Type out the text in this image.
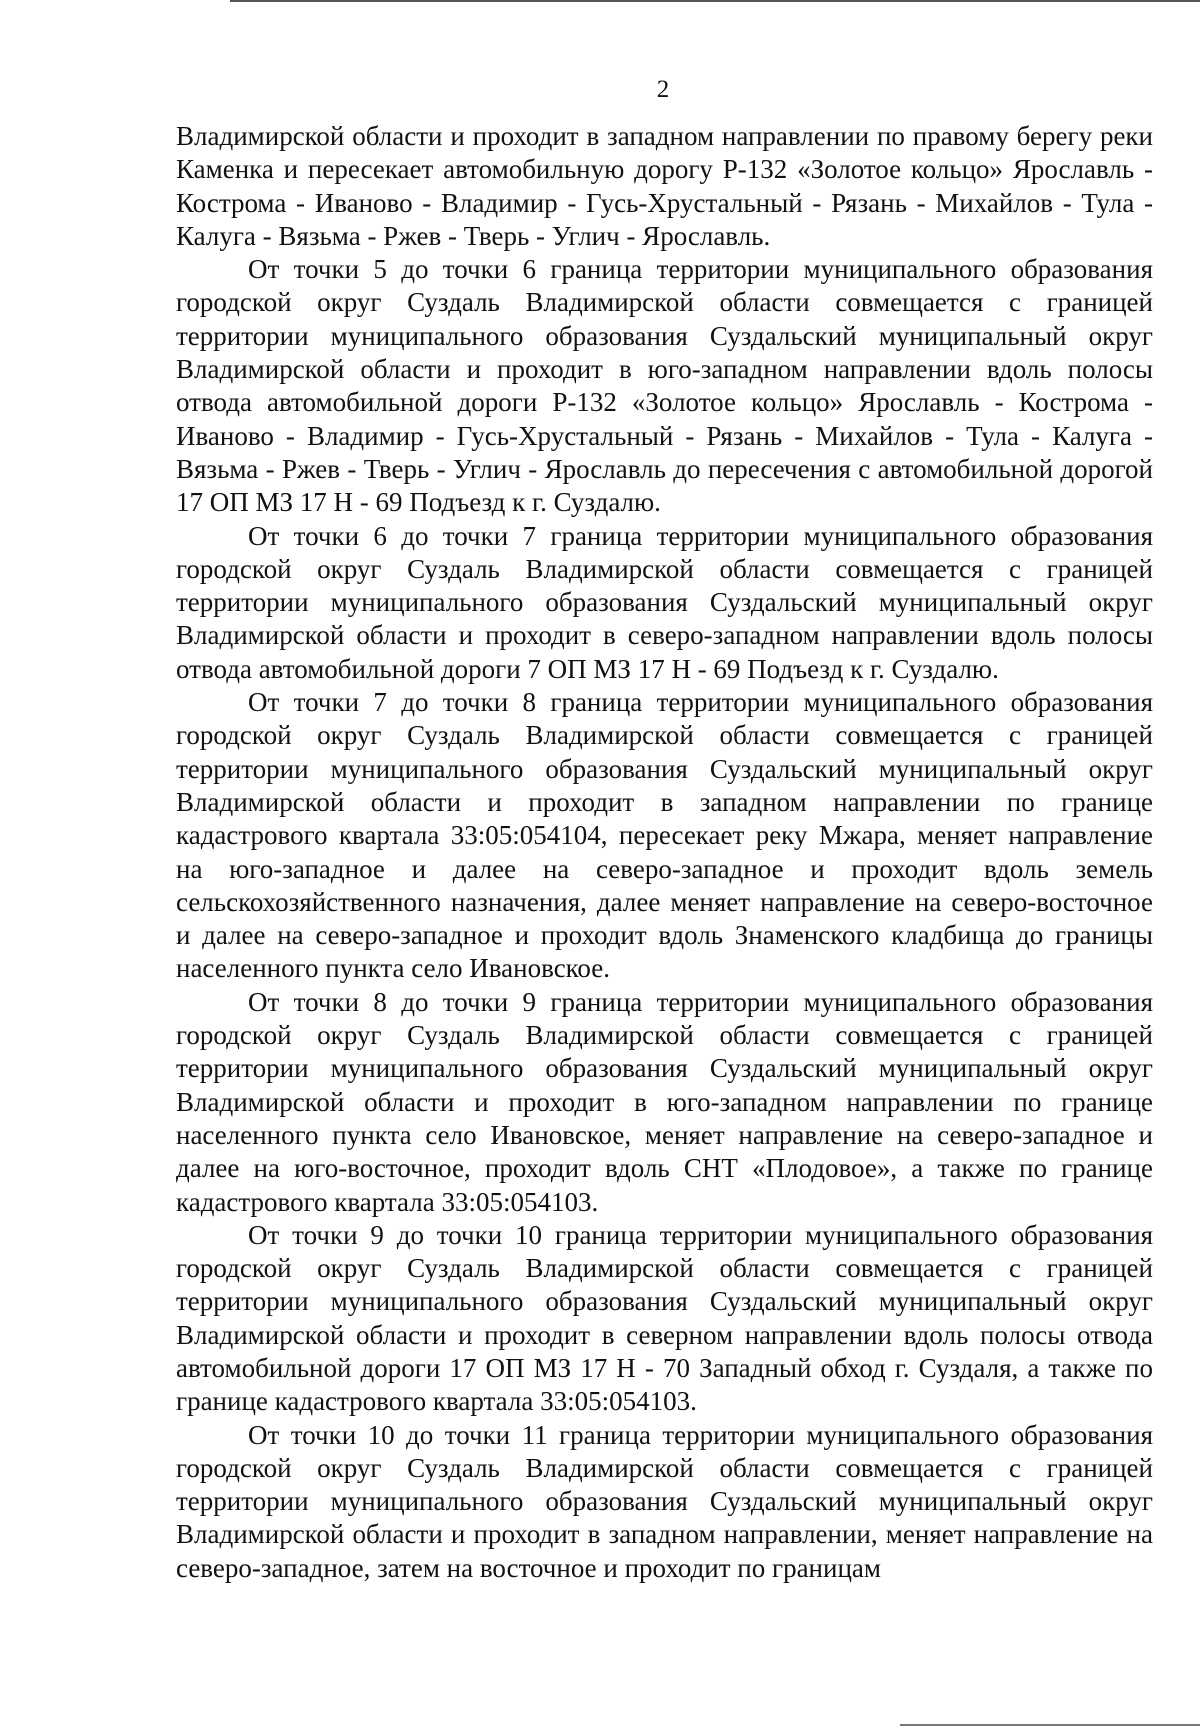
2

Владимирской области и проходит в западном направлении по правому берегу реки Каменка и пересекает автомобильную дорогу Р-132 «Золотое кольцо» Ярославль - Кострома - Иваново - Владимир - Гусь-Хрустальный - Рязань - Михайлов - Тула - Калуга - Вязьма - Ржев - Тверь - Углич - Ярославль.

От точки 5 до точки 6 граница территории муниципального образования городской округ Суздаль Владимирской области совмещается с границей территории муниципального образования Суздальский муниципальный округ Владимирской области и проходит в юго-западном направлении вдоль полосы отвода автомобильной дороги Р-132 «Золотое кольцо» Ярославль - Кострома - Иваново - Владимир - Гусь-Хрустальный - Рязань - Михайлов - Тула - Калуга - Вязьма - Ржев - Тверь - Углич - Ярославль до пересечения с автомобильной дорогой 17 ОП МЗ 17 Н - 69 Подъезд к г. Суздалю.

От точки 6 до точки 7 граница территории муниципального образования городской округ Суздаль Владимирской области совмещается с границей территории муниципального образования Суздальский муниципальный округ Владимирской области и проходит в северо-западном направлении вдоль полосы отвода автомобильной дороги 7 ОП МЗ 17 Н - 69 Подъезд к г. Суздалю.

От точки 7 до точки 8 граница территории муниципального образования городской округ Суздаль Владимирской области совмещается с границей территории муниципального образования Суздальский муниципальный округ Владимирской области и проходит в западном направлении по границе кадастрового квартала 33:05:054104, пересекает реку Мжара, меняет направление на юго-западное и далее на северо-западное и проходит вдоль земель сельскохозяйственного назначения, далее меняет направление на северо-восточное и далее на северо-западное и проходит вдоль Знаменского кладбища до границы населенного пункта село Ивановское.

От точки 8 до точки 9 граница территории муниципального образования городской округ Суздаль Владимирской области совмещается с границей территории муниципального образования Суздальский муниципальный округ Владимирской области и проходит в юго-западном направлении по границе населенного пункта село Ивановское, меняет направление на северо-западное и далее на юго-восточное, проходит вдоль СНТ «Плодовое», а также по границе кадастрового квартала 33:05:054103.

От точки 9 до точки 10 граница территории муниципального образования городской округ Суздаль Владимирской области совмещается с границей территории муниципального образования Суздальский муниципальный округ Владимирской области и проходит в северном направлении вдоль полосы отвода автомобильной дороги 17 ОП МЗ 17 Н - 70 Западный обход г. Суздаля, а также по границе кадастрового квартала 33:05:054103.

От точки 10 до точки 11 граница территории муниципального образования городской округ Суздаль Владимирской области совмещается с границей территории муниципального образования Суздальский муниципальный округ Владимирской области и проходит в западном направлении, меняет направление на северо-западное, затем на восточное и проходит по границам
